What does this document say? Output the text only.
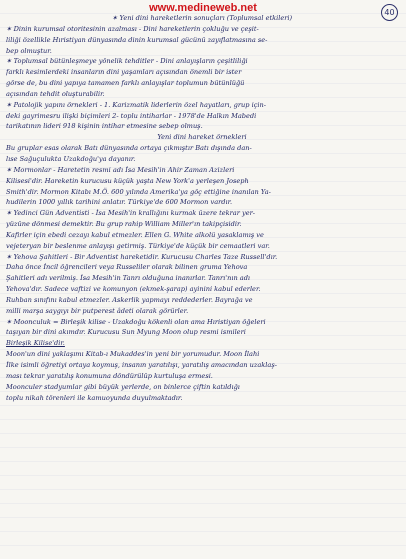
www.medineweb.net	40
✶ Yeni dini hareketlerin sonuçları (Toplumsal etkileri)
✶ Dinin kurumsal otoritesinin azalması - Dini hareketlerin çokluğu ve çeşit-
liliği özellikle Hıristiyan dünyasında dinin kurumsal gücünü zayıflatmasına se-
bep olmuştur.
✶ Toplumsal bütünleşmeye yönelik tehditler - Dini anlayışların çeşitliliği
farklı kesimlerdeki insanların dini yaşamları açısından önemli bir ister
görse de, bu dini yapıya tamamen farklı anlayışlar toplumun bütünlüğü
açısından tehdit oluşturabilir.
✶ Patolojik yapını örnekleri - 1. Karizmatik liderlerin özel hayatları, grup için-
deki gayrimesru ilişki biçimleri 2- toplu intiharlar - 1978'de Halkın Mabedi
tarikatının lideri 918 kişinin intihar etmesine sebep olmuş.
Yeni dini hareket örnekleri
Bu gruplar esas olarak Batı dünyasında ortaya çıkmıştır Batı dışında dan-
lıse Sağuçulukta Uzakdoğu'ya dayanır.
✶ Mormonlar - Haretetin resmi adı İsa Mesih'in Ahir Zaman Azizleri
Kilisesi'dir. Hareketin kurucusu küçük yaşta New York'a yerleşen Joseph
Smith'dir. Mormon Kitabı M.Ö. 600 yılında Amerika'ya göç ettiğine inanılan Ya-
hudilerin 1000 yıllık tarihini anlatır. Türkiye'de 600 Mormon vardır.
✶ Yedinci Gün Adventisti - İsa Mesih'in krallığını kurmak üzere tekrar yer-
yüzüne dönmesi demektir. Bu grup rahip William Miller'ın takipçisidir.
Kafirler için ebedi cezayı kabul etmezler. Ellen G. White alkolü yasaklamış ve
vejeteryan bir beslenme anlayışı getirmiş. Türkiye'de küçük bir cemaatleri var.
✶ Yehova Şahitleri - Bir Adventist hareketidir. Kurucusu Charles Taze Russell'dır.
Daha önce İncil öğrencileri veya Russeliler olarak bilinen gruma Yehova
Şahitleri adı verilmiş. İsa Mesih'in Tanrı olduğuna inanırlar. Tanrı'nın adı
Yehova'dır. Sadece vaftizi ve komunyon (ekmek-şarap) ayinini kabul ederler.
Ruhban sınıfını kabul etmezler. Askerlik yapmayı reddederler. Bayrağa ve
milli marşa saygıyı bir putperest âdeti olarak görürler.
✶ Moonculuk = Birleşik kilise - Uzakdoğu kökenli olan ama Hıristiyan öğeleri
taşıyan bir dini akımdır. Kurucusu Sun Myung Moon olup resmi ismileri
Birleşik Kilise'dir.
Moon'un dini yaklaşımı Kitab-ı Mukaddes'in yeni bir yorumudur. Moon İlahi
İlke isimli öğretiyi ortaya koymuş, insanın yaratılışı, yaratılış amacından uzaklaş-
ması tekrar yaratılış konumuna döndürülüp kurtuluşa ermesi.
Moonculer stadyumlar gibi büyük yerlerde, on binlerce çiftin katıldığı
toplu nikah törenleri ile kamuoyunda duyulmaktadır.
